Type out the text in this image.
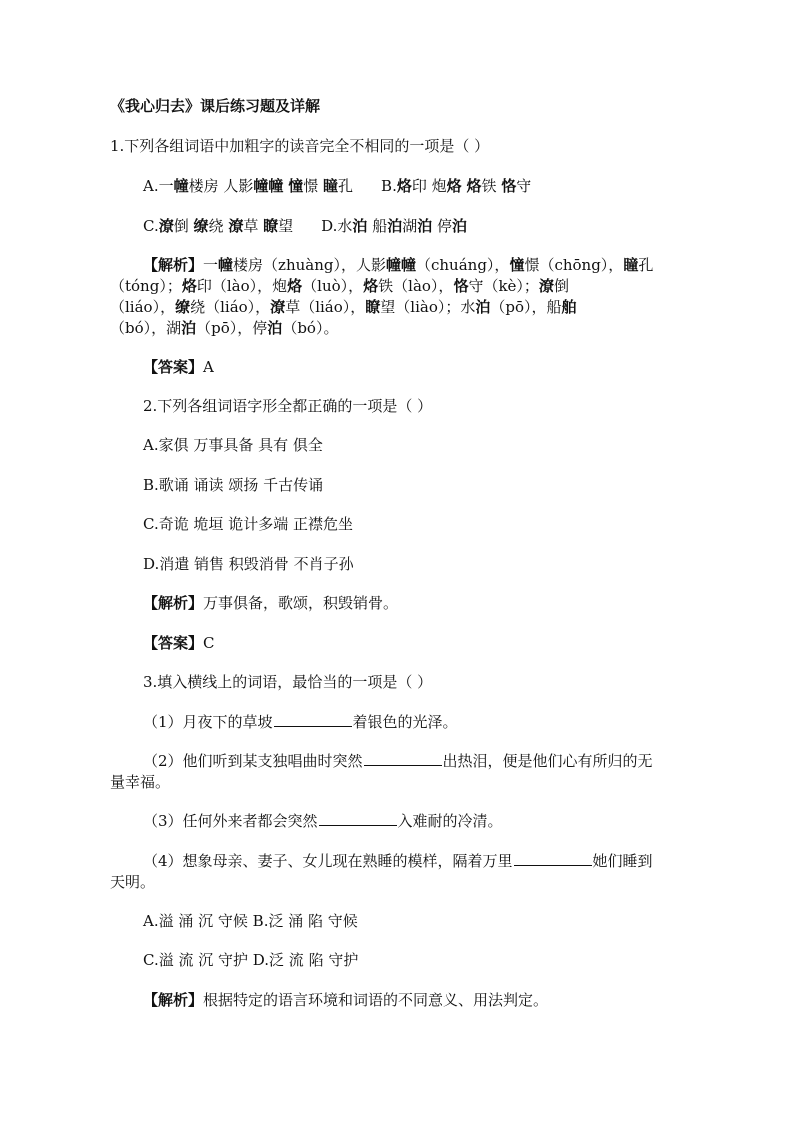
《我心归去》课后练习题及详解
1.下列各组词语中加粗字的读音完全不相同的一项是（ ）
A.一幢楼房 人影幢幢 憧憬 瞳孔 B.烙印 炮烙 烙铁 恪守
C.潦倒 缭绕 潦草 瞭望 D.水泊 船泊湖泊 停泊
【解析】一幢楼房（zhuàng），人影幢幢（chuáng），憧憬（chōng），瞳孔
（tóng）；烙印（lào），炮烙（luò），烙铁（lào），恪守（kè）；潦倒
（liáo），缭绕（liáo），潦草（liáo），瞭望（liào）；水泊（pō），船舶
（bó），湖泊（pō），停泊（bó）。
【答案】A
2.下列各组词语字形全都正确的一项是（ ）
A.家俱 万事具备 具有 俱全
B.歌诵 诵读 颂扬 千古传诵
C.奇诡 垝垣 诡计多端 正襟危坐
D.消遣 销售 积毁消骨 不肖子孙
【解析】万事俱备，歌颂，积毁销骨。
【答案】C
3.填入横线上的词语，最恰当的一项是（ ）
（1）月夜下的草坡	着银色的光泽。
（2）他们听到某支独唱曲时突然	出热泪，便是他们心有所归的无
量幸福。
（3）任何外来者都会突然	入难耐的冷清。
（4）想象母亲、妻子、女儿现在熟睡的模样，隔着万里	她们睡到
天明。
A.溢 涌 沉 守候 B.泛 涌 陷 守候
C.溢 流 沉 守护 D.泛 流 陷 守护
【解析】根据特定的语言环境和词语的不同意义、用法判定。
